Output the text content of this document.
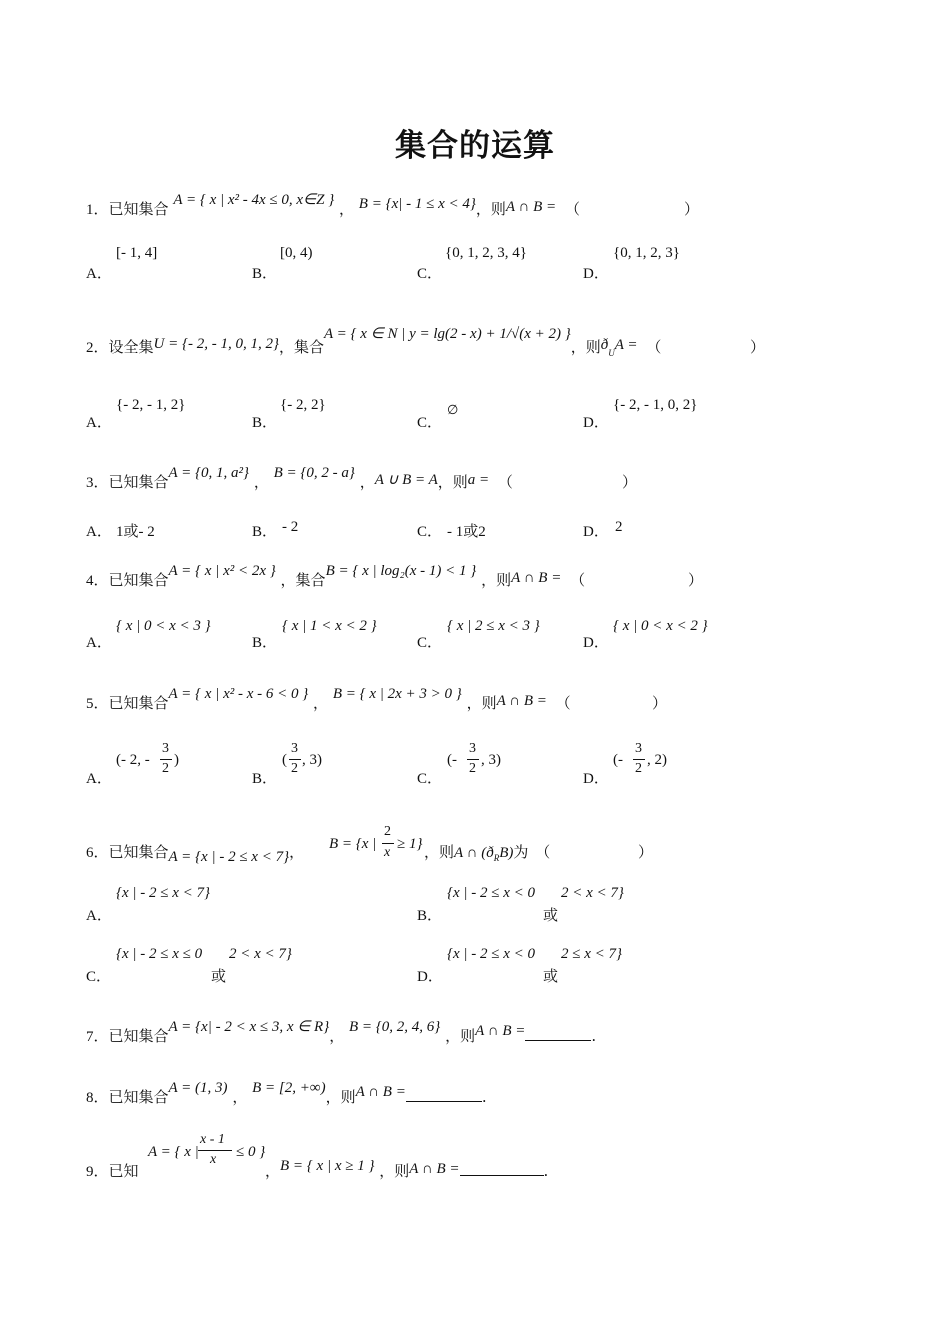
集合的运算
1．已知集合 A = { x | x² - 4x ≤ 0, x∈Z } ， B = {x| - 1 ≤ x < 4}，则A ∩ B = （	）
A．
[- 1, 4]
B．
[0, 4)
C．
{0, 1, 2, 3, 4}
D．
{0, 1, 2, 3}
2．设全集U = {- 2, - 1, 0, 1, 2}，集合A = { x ∈ N | y = lg(2 - x) + 1/√(x + 2) }，则$ð_UA$ = （	）
A．
{- 2, - 1, 2}
B．
{- 2, 2}
C．
∅
D．
{- 2, - 1, 0, 2}
3．已知集合A = {0, 1, a²} ， B = {0, 2 - a} ，A ∪ B = A，则a = （	）
A． 1或- 2	B． - 2	C． - 1或2	D． 2
4．已知集合A = { x | x² < 2x } ，集合B = { x | log₂(x - 1) < 1 } ，则A ∩ B = （	）
A．
{ x | 0 < x < 3 }
B．
{ x | 1 < x < 2 }
C．
{ x | 2 ≤ x < 3 }
D．
{ x | 0 < x < 2 }
5．已知集合A = { x | x² - x - 6 < 0 } ， B = { x | 2x + 3 > 0 } ，则A ∩ B = （	）
A．
(- 2, -
3
2
)
B．
(
3
2
, 3)
C．
(-
3
2
, 3)
D．
(-
3
2
, 2)
6．已知集合A = {x | - 2 ≤ x < 7}， B = {x |
2
x
≥ 1} ，则A ∩ $(ð_RB)$为 （	）
A．
{x | - 2 ≤ x < 7}
B．
{x | - 2 ≤ x < 0
或
2 < x < 7}
C．
{x | - 2 ≤ x ≤ 0
或
2 < x < 7}
D．
{x | - 2 ≤ x < 0
或
2 ≤ x < 7}
7．已知集合A = {x| - 2 < x ≤ 3, x ∈ R}， B = {0, 2, 4, 6} ，则A ∩ B =	.
8．已知集合A = (1, 3) ， B = [2, +∞)，则A ∩ B =	.
9．已知
A = { x |
x - 1
x ≤ 0 }
，B = { x | x ≥ 1 } ，则A ∩ B =	.
